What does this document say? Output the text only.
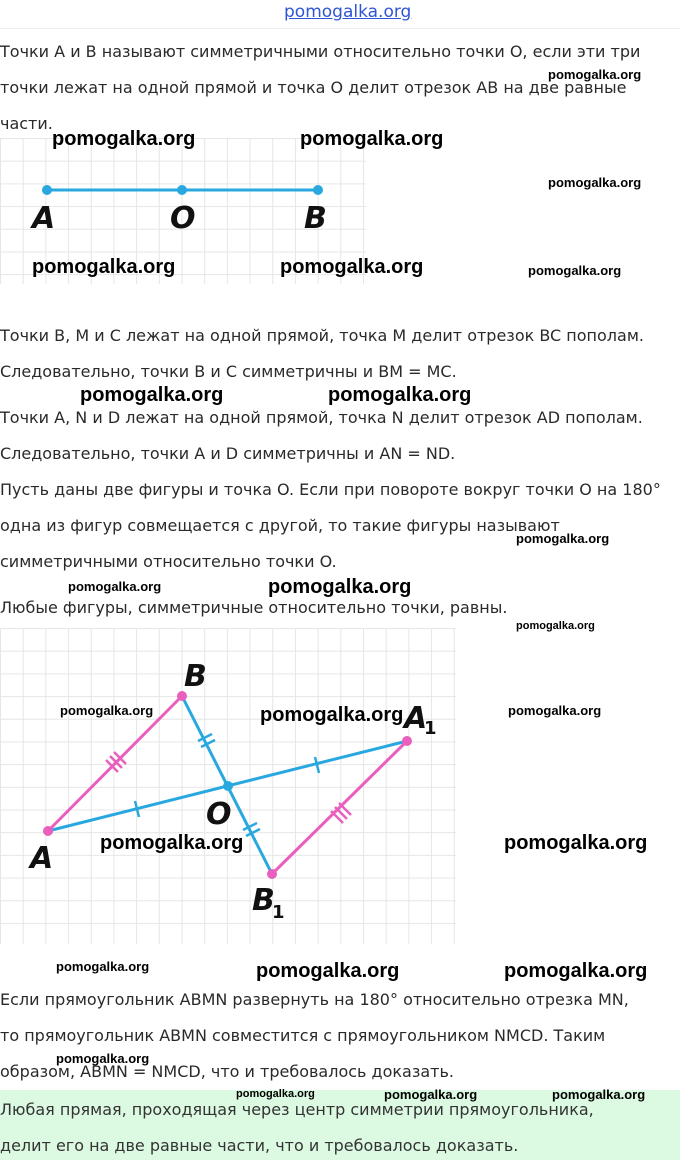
pomogalka.org
Точки A и B называют симметричными относительно точки O, если эти три
точки лежат на одной прямой и точка O делит отрезок AB на две равные
части.
A	O	B
Точки B, M и C лежат на одной прямой, точка M делит отрезок BC пополам.
Следовательно, точки B и C симметричны и BM = MC.
Точки A, N и D лежат на одной прямой, точка N делит отрезок AD пополам.
Следовательно, точки A и D симметричны и AN = ND.
Пусть даны две фигуры и точка O. Если при повороте вокруг точки O на 180°
одна из фигур совмещается с другой, то такие фигуры называют
симметричными относительно точки O.
Любые фигуры, симметричные относительно точки, равны.
A
B
O
A
1
B
1
Если прямоугольник ABMN развернуть на 180° относительно отрезка MN,
то прямоугольник ABMN совместится с прямоугольником NMCD. Таким
образом, ABMN = NMCD, что и требовалось доказать.
Любая прямая, проходящая через центр симметрии прямоугольника,
делит его на две равные части, что и требовалось доказать.
pomogalka.org
pomogalka.org	pomogalka.org
pomogalka.org
pomogalka.org	pomogalka.org	pomogalka.org
pomogalka.org	pomogalka.org
pomogalka.org
pomogalka.org	pomogalka.org
pomogalka.org
pomogalka.org	pomogalka.org	pomogalka.org
pomogalka.org	pomogalka.org
pomogalka.org	pomogalka.org	pomogalka.org
pomogalka.org
pomogalka.org	pomogalka.org	pomogalka.org
